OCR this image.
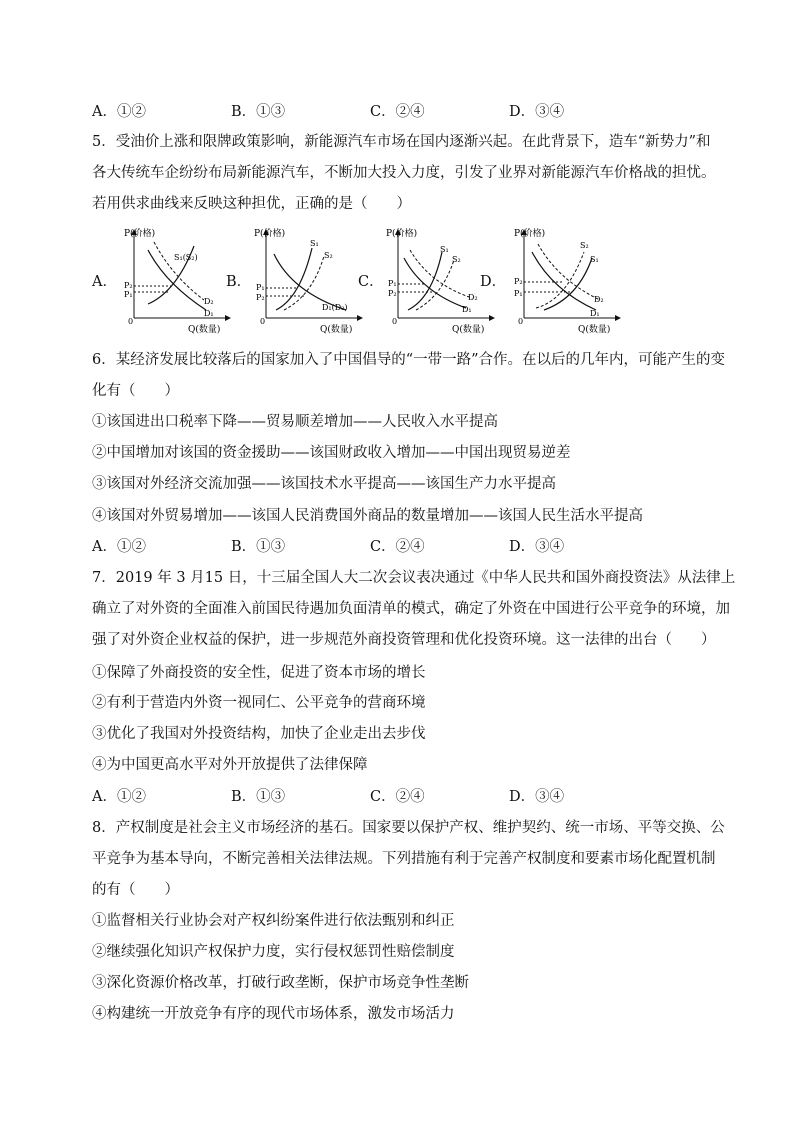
A．①②	B．①③	C．②④	D．③④
5．受油价上涨和限牌政策影响，新能源汽车市场在国内逐渐兴起。在此背景下，造车“新势力”和
各大传统车企纷纷布局新能源汽车，不断加大投入力度，引发了业界对新能源汽车价格战的担忧。
若用供求曲线来反映这种担优，正确的是（　　）
A．
P(价格)
Q(数量)
0
P₂
P₁
S₁(S₂)
D₂
D₁
B．
P(价格)
Q(数量)
0
P₁
P₂
S₁
S₂
D₁(D₂)
C．
P(价格)
Q(数量)
0
P₁
P₂
S₁
S₂
D₂
D₁
D．
P(价格)
Q(数量)
0
P₂
P₁
S₂
S₁
D₂
D₁
6．某经济发展比较落后的国家加入了中国倡导的“一带一路”合作。在以后的几年内，可能产生的变
化有（　　）
①该国进出口税率下降——贸易顺差增加——人民收入水平提高
②中国增加对该国的资金援助——该国财政收入增加——中国出现贸易逆差
③该国对外经济交流加强——该国技术水平提高——该国生产力水平提高
④该国对外贸易增加——该国人民消费国外商品的数量增加——该国人民生活水平提高
A．①②	B．①③	C．②④	D．③④
7．2019 年 3 月15 日，十三届全国人大二次会议表决通过《中华人民共和国外商投资法》从法律上
确立了对外资的全面准入前国民待遇加负面清单的模式，确定了外资在中国进行公平竞争的环境，加
强了对外资企业权益的保护，进一步规范外商投资管理和优化投资环境。这一法律的出台（　　）
①保障了外商投资的安全性，促进了资本市场的增长
②有利于营造内外资一视同仁、公平竞争的营商环境
③优化了我国对外投资结构，加快了企业走出去步伐
④为中国更高水平对外开放提供了法律保障
A．①②	B．①③	C．②④	D．③④
8．产权制度是社会主义市场经济的基石。国家要以保护产权、维护契约、统一市场、平等交换、公
平竞争为基本导向，不断完善相关法律法规。下列措施有利于完善产权制度和要素市场化配置机制
的有（　　）
①监督相关行业协会对产权纠纷案件进行依法甄别和纠正
②继续强化知识产权保护力度，实行侵权惩罚性赔偿制度
③深化资源价格改革，打破行政垄断，保护市场竞争性垄断
④构建统一开放竞争有序的现代市场体系，激发市场活力
